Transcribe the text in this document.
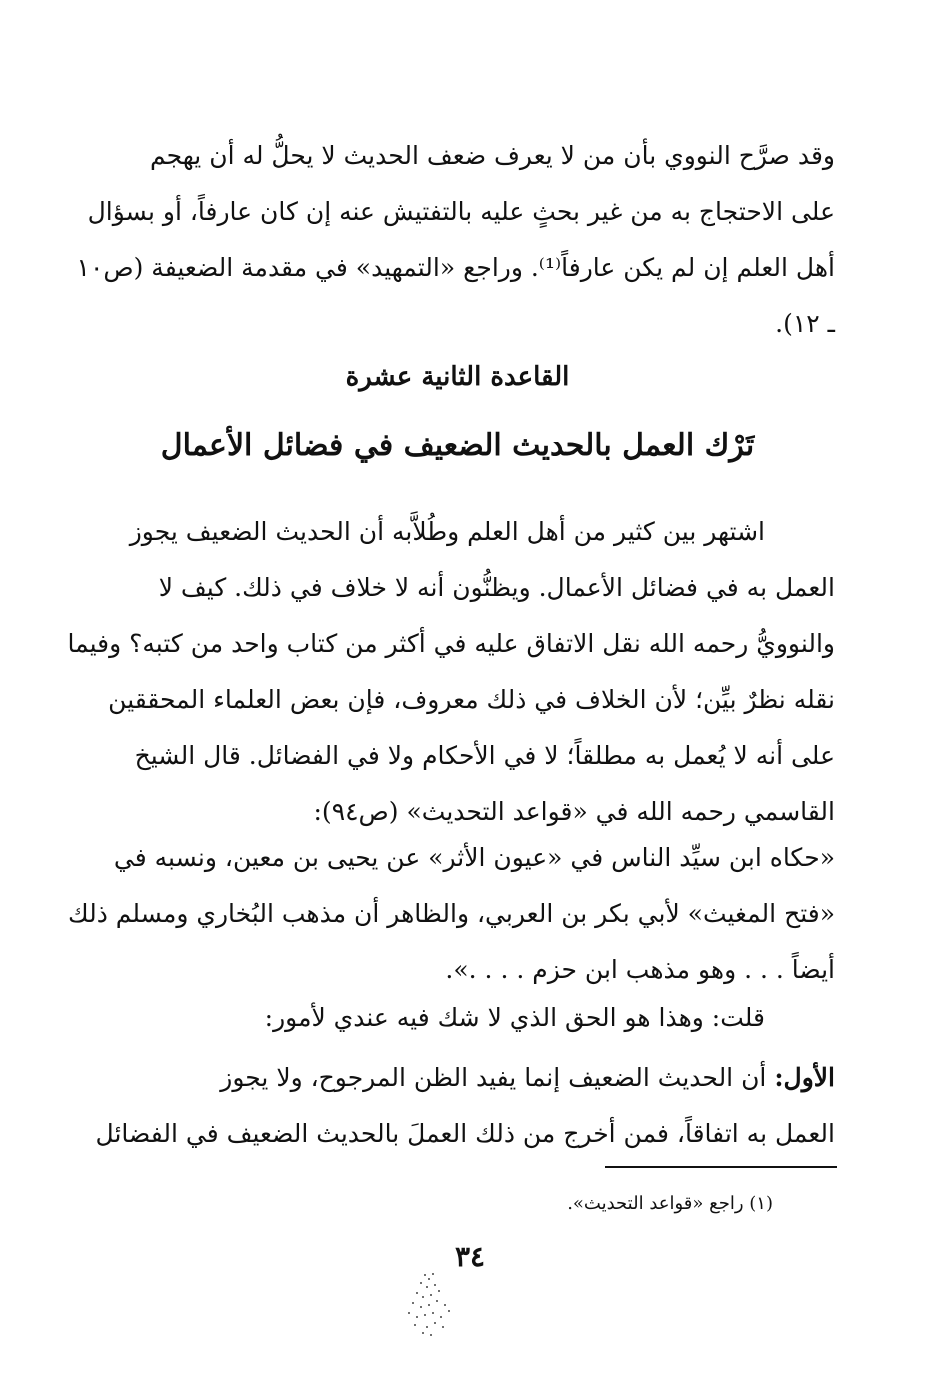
وقد صرَّح النووي بأن من لا يعرف ضعف الحديث لا يحلُّ له أن يهجم
على الاحتجاج به من غير بحثٍ عليه بالتفتيش عنه إن كان عارفاً، أو بسؤال
أهل العلم إن لم يكن عارفاً⁽¹⁾. وراجع «التمهيد» في مقدمة الضعيفة (ص١٠
ـ ١٢).
القاعدة الثانية عشرة
تَرْك العمل بالحديث الضعيف في فضائل الأعمال
اشتهر بين كثير من أهل العلم وطُلاَّبه أن الحديث الضعيف يجوز
العمل به في فضائل الأعمال. ويظنُّون أنه لا خلاف في ذلك. كيف لا
والنوويُّ رحمه الله نقل الاتفاق عليه في أكثر من كتاب واحد من كتبه؟ وفيما
نقله نظرٌ بيِّن؛ لأن الخلاف في ذلك معروف، فإن بعض العلماء المحققين
على أنه لا يُعمل به مطلقاً؛ لا في الأحكام ولا في الفضائل. قال الشيخ
القاسمي رحمه الله في «قواعد التحديث» (ص٩٤):
«حكاه ابن سيِّد الناس في «عيون الأثر» عن يحيى بن معين، ونسبه في
«فتح المغيث» لأبي بكر بن العربي، والظاهر أن مذهب البُخاري ومسلم ذلك
أيضاً . . . وهو مذهب ابن حزم . . . .».
قلت: وهذا هو الحق الذي لا شك فيه عندي لأمور:
الأول: أن الحديث الضعيف إنما يفيد الظن المرجوح، ولا يجوز
العمل به اتفاقاً، فمن أخرج من ذلك العملَ بالحديث الضعيف في الفضائل
(١) راجع «قواعد التحديث».
٣٤
